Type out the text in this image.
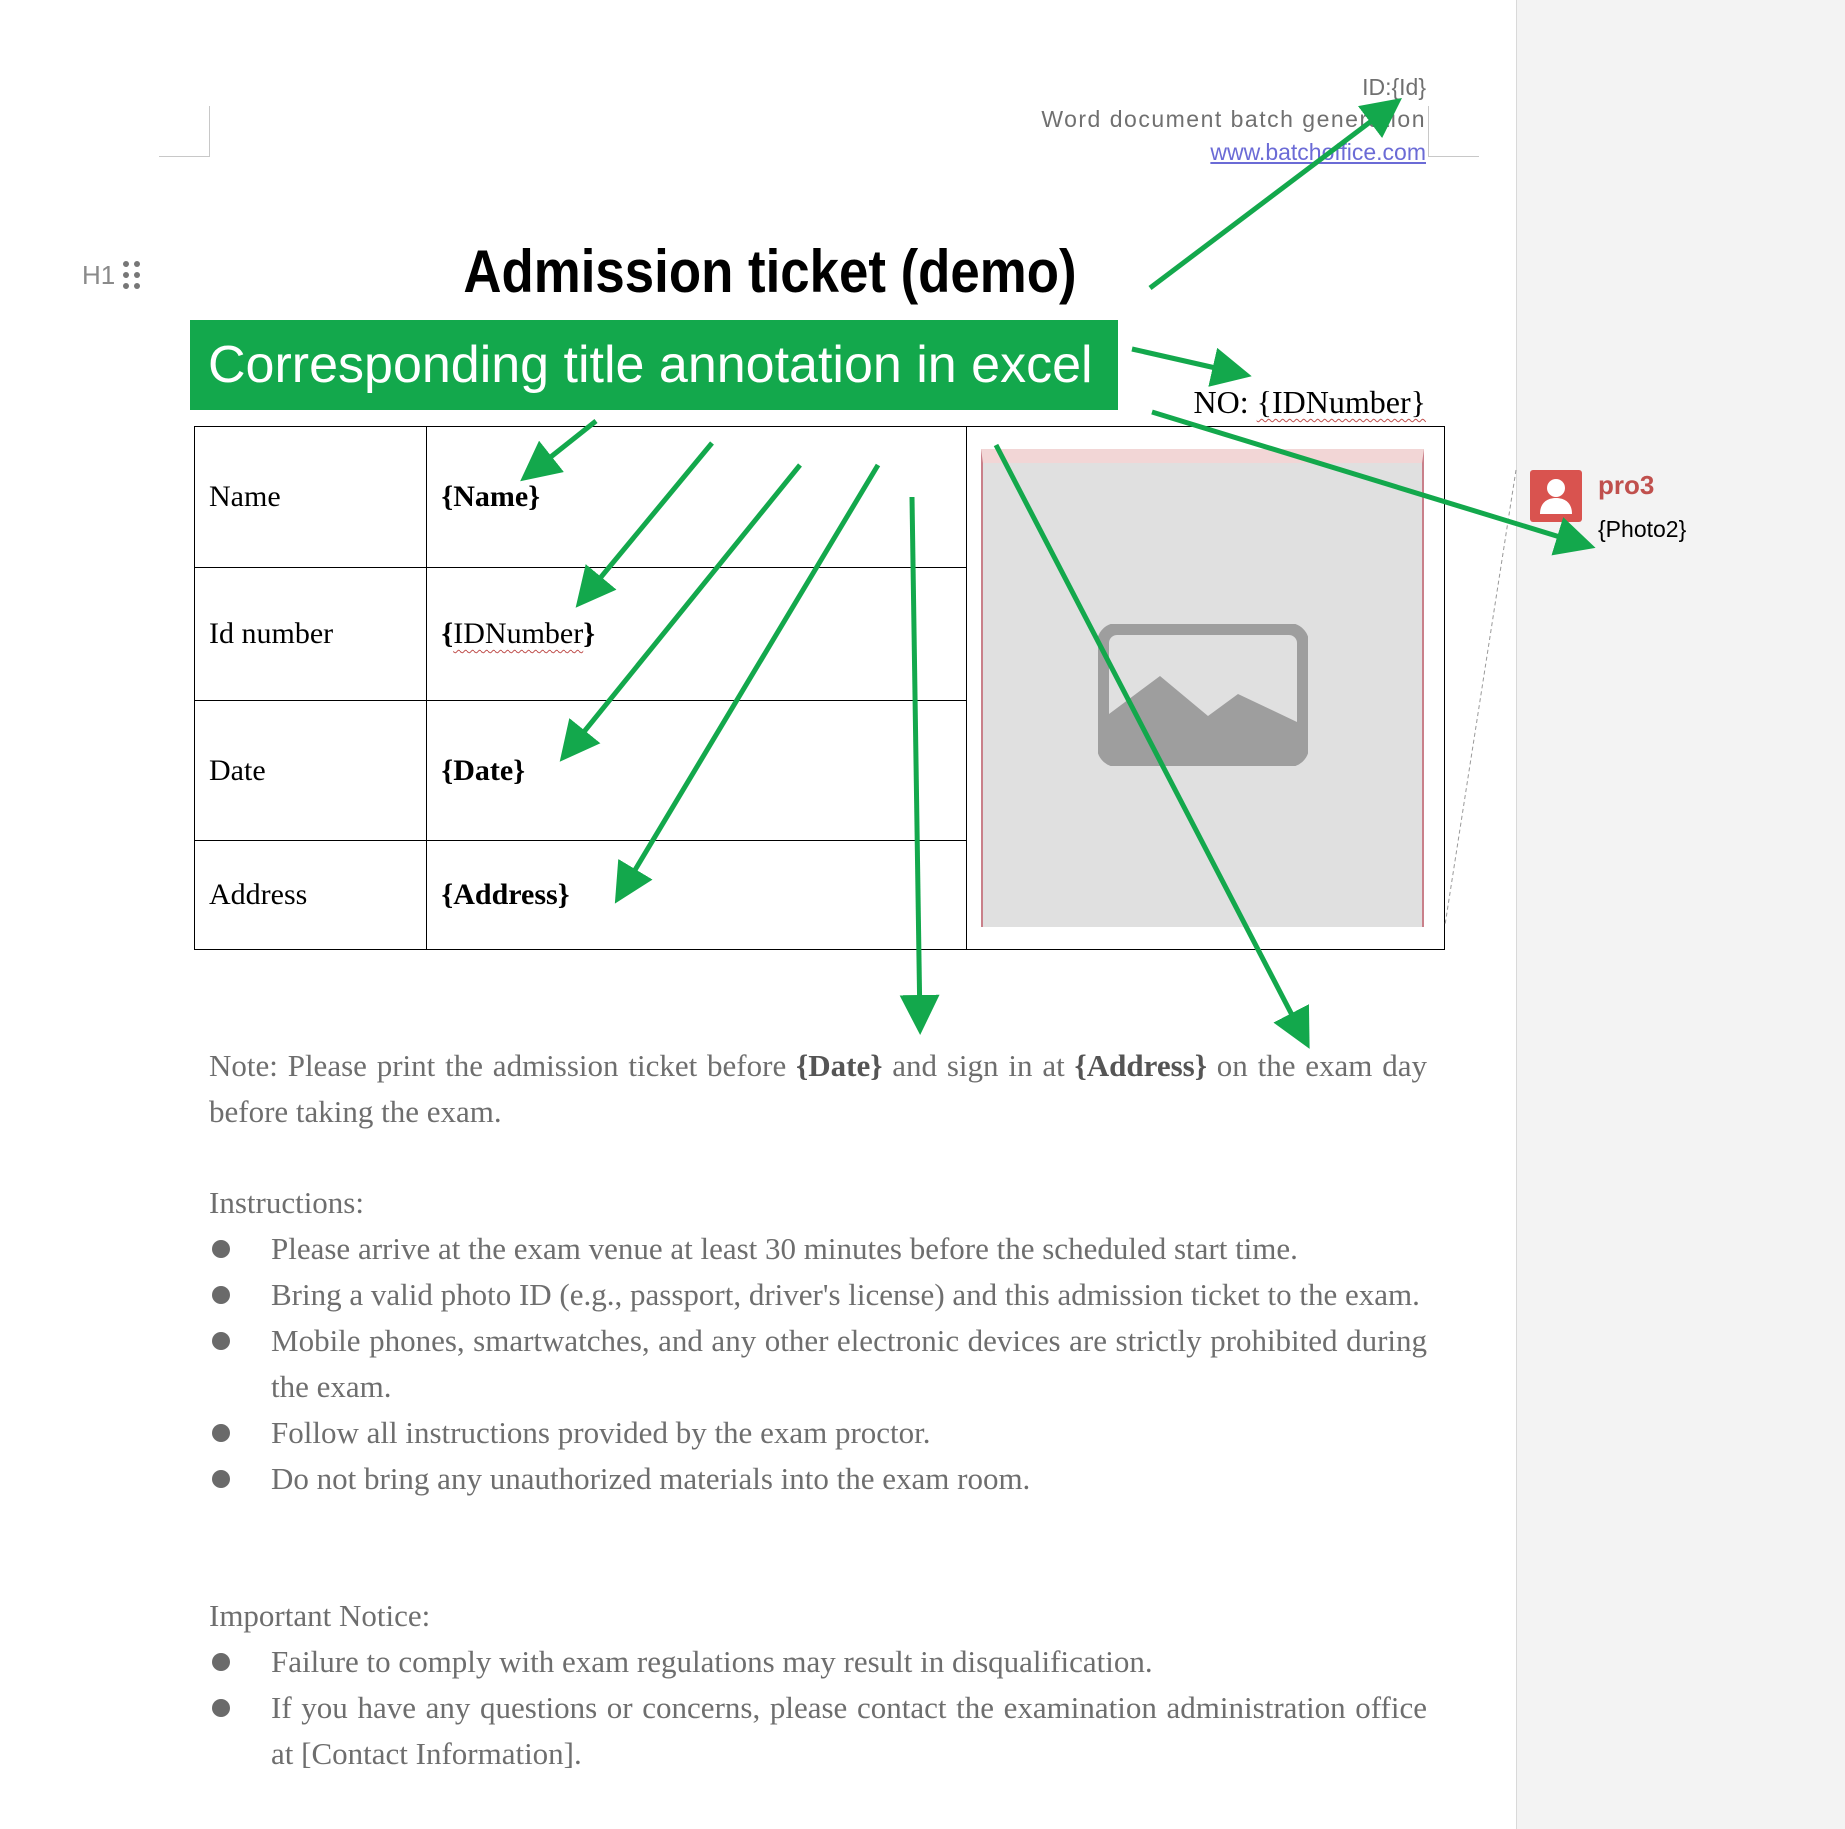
ID:{Id}
Word document batch generation
www.batchoffice.com
H1	Admission ticket (demo)
Corresponding title annotation in excel
NO: {IDNumber}
Name	{Name}	

Id number	{IDNumber}	
Date	{Date}	
Address	{Address}	
Note: Please print the admission ticket before {Date} and sign in at {Address} on the exam day before taking the exam.
Instructions:
Please arrive at the exam venue at least 30 minutes before the scheduled start time.
Bring a valid photo ID (e.g., passport, driver's license) and this admission ticket to the exam.
Mobile phones, smartwatches, and any other electronic devices are strictly prohibited during the exam.
Follow all instructions provided by the exam proctor.
Do not bring any unauthorized materials into the exam room.
Important Notice:
Failure to comply with exam regulations may result in disqualification.
If you have any questions or concerns, please contact the examination administration office at [Contact Information].
pro3
{Photo2}
